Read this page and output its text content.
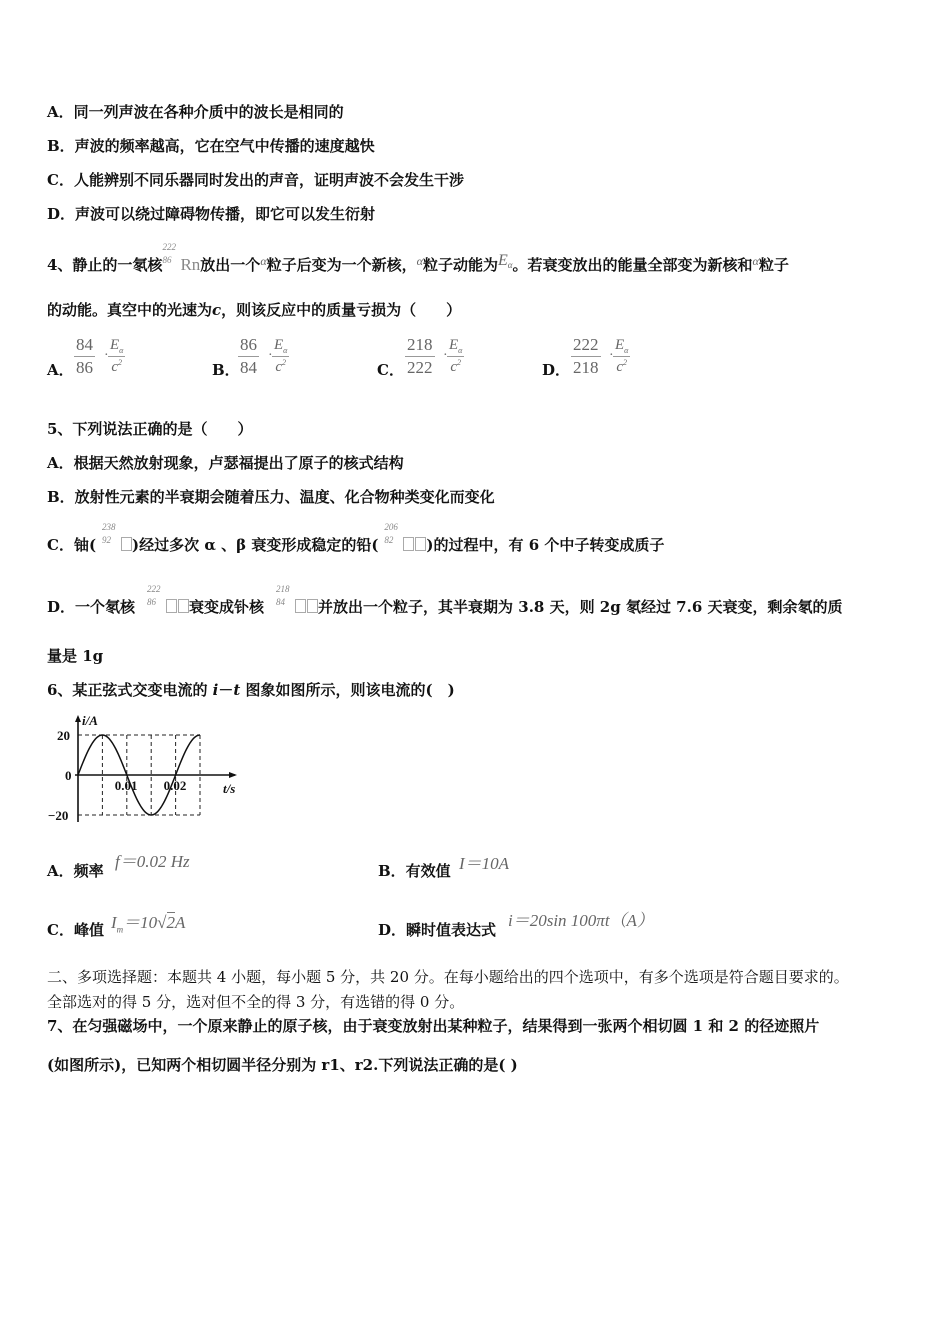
A．同一列声波在各种介质中的波长是相同的
B．声波的频率越高，它在空气中传播的速度越快
C．人能辨别不同乐器同时发出的声音，证明声波不会发生干涉
D．声波可以绕过障碍物传播，即它可以发生衍射
4、静止的一氡核
222
86 Rn放出一个$^\alpha$粒子后变为一个新核，$^\alpha$粒子动能为Eα。若衰变放出的能量全部变为新核和$^\alpha$粒子
的动能。真空中的光速为c，则该反应中的质量亏损为（　　）
A． $\frac{84}{86} \cdot \frac{E_\alpha}{c^2}$	B．
$\frac{86}{84} \cdot \frac{E_\alpha}{c^2}$	C． $\frac{218}{222} \cdot \frac{E_\alpha}{c^2}$	D． $\frac{222}{218} \cdot \frac{E_\alpha}{c^2}$
5、下列说法正确的是（　　）
A．根据天然放射现象，卢瑟福提出了原子的核式结构
B．放射性元素的半衰期会随着压力、温度、化合物种类变化而变化
C．铀(
238
92 )经过多次 α 、β 衰变形成稳定的铅(
206
82 )的过程中，有 6 个中子转变成质子
D．一个氡核
222
86 衰变成钋核
218
84 并放出一个粒子，其半衰期为 3.8 天，则 2g 氡经过 7.6 天衰变，剩余氡的质
量是 1g
6、某正弦式交变电流的 i－t 图象如图所示，则该电流的(　)
i/A
t/s
20
0
−20
0.01 0.02
A．频率 f＝0.02 Hz	B．有效值 I＝10A
C．峰值 $I_m=10√2A$	D．瞬时值表达式 i＝20sin 100πt（A）
二、多项选择题：本题共 4 小题，每小题 5 分，共 20 分。在每小题给出的四个选项中，有多个选项是符合题目要求的。
全部选对的得 5 分，选对但不全的得 3 分，有选错的得 0 分。
7、在匀强磁场中，一个原来静止的原子核，由于衰变放射出某种粒子，结果得到一张两个相切圆 1 和 2 的径迹照片
(如图所示)，已知两个相切圆半径分别为 r1、r2.下列说法正确的是( )
